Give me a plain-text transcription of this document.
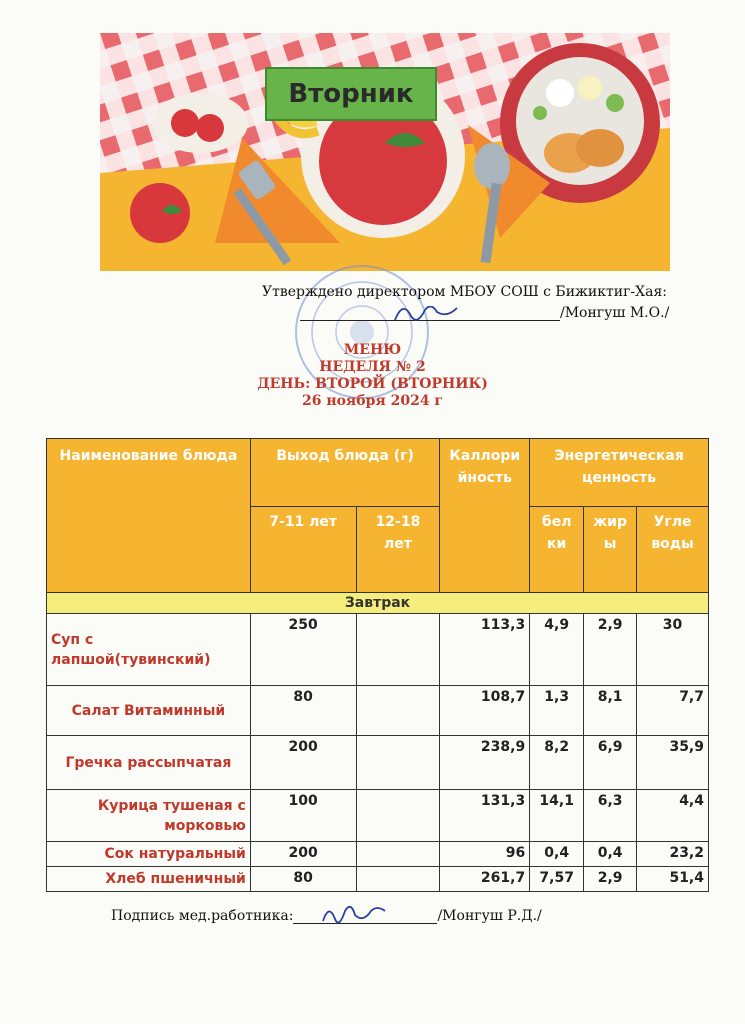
Вторник
Утверждено директором МБОУ СОШ с Бижиктиг-Хая:
/Монгуш М.О./
МЕНЮ
НЕДЕЛЯ № 2
ДЕНЬ: ВТОРОЙ (ВТОРНИК)
26 ноября 2024 г
Наименование блюда	Выход блюда (г)		Каллорийность	Энергетическая ценность		
	7-11 лет	12-18 лет		белки	жиры	Углеводы
Завтрак						
Суп с лапшой(тувинский)	250		113,3	4,9	2,9	30
Салат Витаминный	80		108,7	1,3	8,1	7,7
Гречка рассыпчатая	200		238,9	8,2	6,9	35,9
Курица тушеная с морковью	100		131,3	14,1	6,3	4,4
Сок натуральный	200		96	0,4	0,4	23,2
Хлеб пшеничный	80		261,7	7,57	2,9	51,4
Подпись мед.работника:	/Монгуш Р.Д./
